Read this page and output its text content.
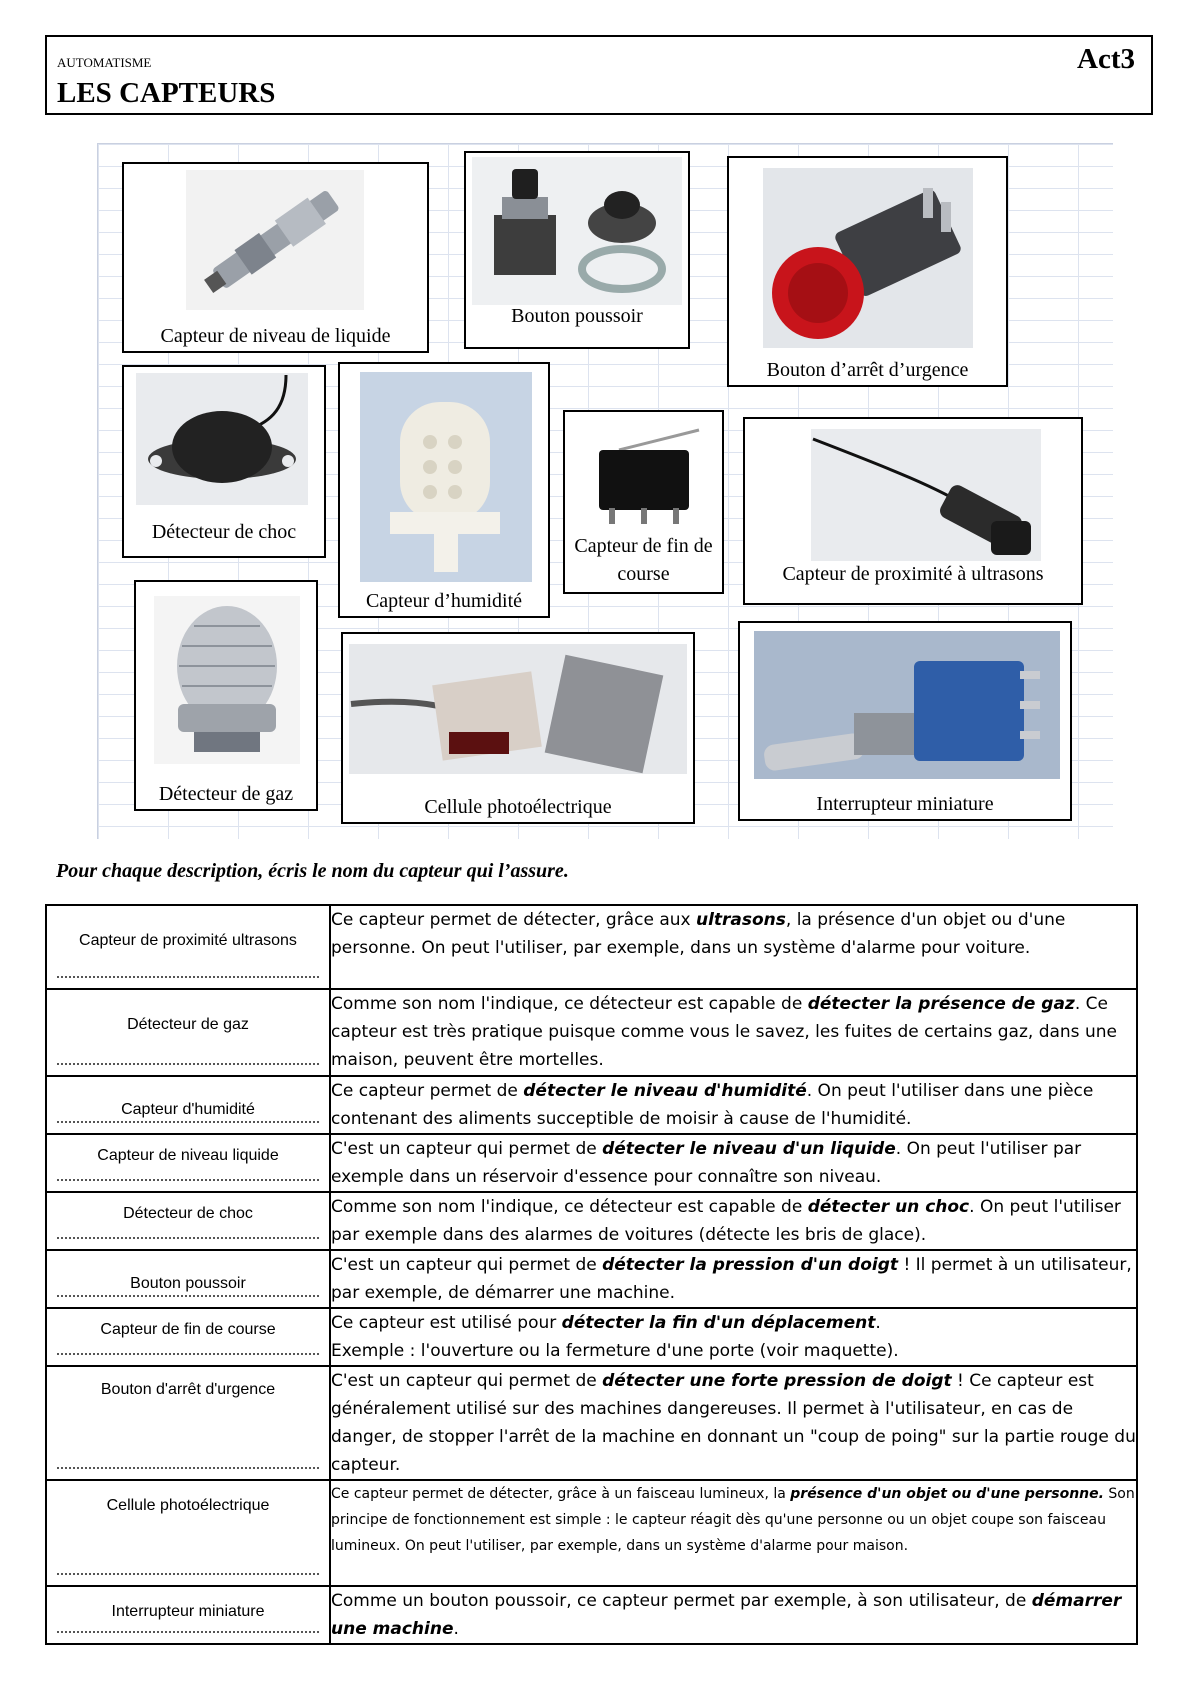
AUTOMATISME
LES CAPTEURS
Act3
Capteur de niveau de liquide
Bouton poussoir
Bouton d’arrêt d’urgence
Détecteur de choc
Capteur d’humidité
Capteur de fin de course	Capteur de proximité à ultrasons
Détecteur de gaz
Cellule photoélectrique	Interrupteur miniature
Pour chaque description, écris le nom du capteur qui l’assure.
Capteur de proximité ultrasons	Ce capteur permet de détecter, grâce aux ultrasons, la présence d'un objet ou d'une personne. On peut l'utiliser, par exemple, dans un système d'alarme pour voiture.

Détecteur de gaz	Comme son nom l'indique, ce détecteur est capable de détecter la présence de gaz. Ce capteur est très pratique puisque comme vous le savez, les fuites de certains gaz, dans une maison, peuvent être mortelles.

Capteur d'humidité	Ce capteur permet de détecter le niveau d'humidité. On peut l'utiliser dans une pièce contenant des aliments succeptible de moisir à cause de l'humidité.

Capteur de niveau liquide	C'est un capteur qui permet de détecter le niveau d'un liquide. On peut l'utiliser par exemple dans un réservoir d'essence pour connaître son niveau.

Détecteur de choc	Comme son nom l'indique, ce détecteur est capable de détecter un choc. On peut l'utiliser par exemple dans des alarmes de voitures (détecte les bris de glace).

Bouton poussoir	C'est un capteur qui permet de détecter la pression d'un doigt ! Il permet à un utilisateur, par exemple, de démarrer une machine.

Capteur de fin de course	Ce capteur est utilisé pour détecter la fin d'un déplacement.
Exemple : l'ouverture ou la fermeture d'une porte (voir maquette).

Bouton d'arrêt d'urgence	C'est un capteur qui permet de détecter une forte pression de doigt ! Ce capteur est généralement utilisé sur des machines dangereuses. Il permet à l'utilisateur, en cas de danger, de stopper l'arrêt de la machine en donnant un "coup de poing" sur la partie rouge du capteur.

Cellule photoélectrique	Ce capteur permet de détecter, grâce à un faisceau lumineux, la présence d'un objet ou d'une personne. Son principe de fonctionnement est simple : le capteur réagit dès qu'une personne ou un objet coupe son faisceau lumineux. On peut l'utiliser, par exemple, dans un système d'alarme pour maison.

Interrupteur miniature	Comme un bouton poussoir, ce capteur permet par exemple, à son utilisateur, de démarrer une machine.
